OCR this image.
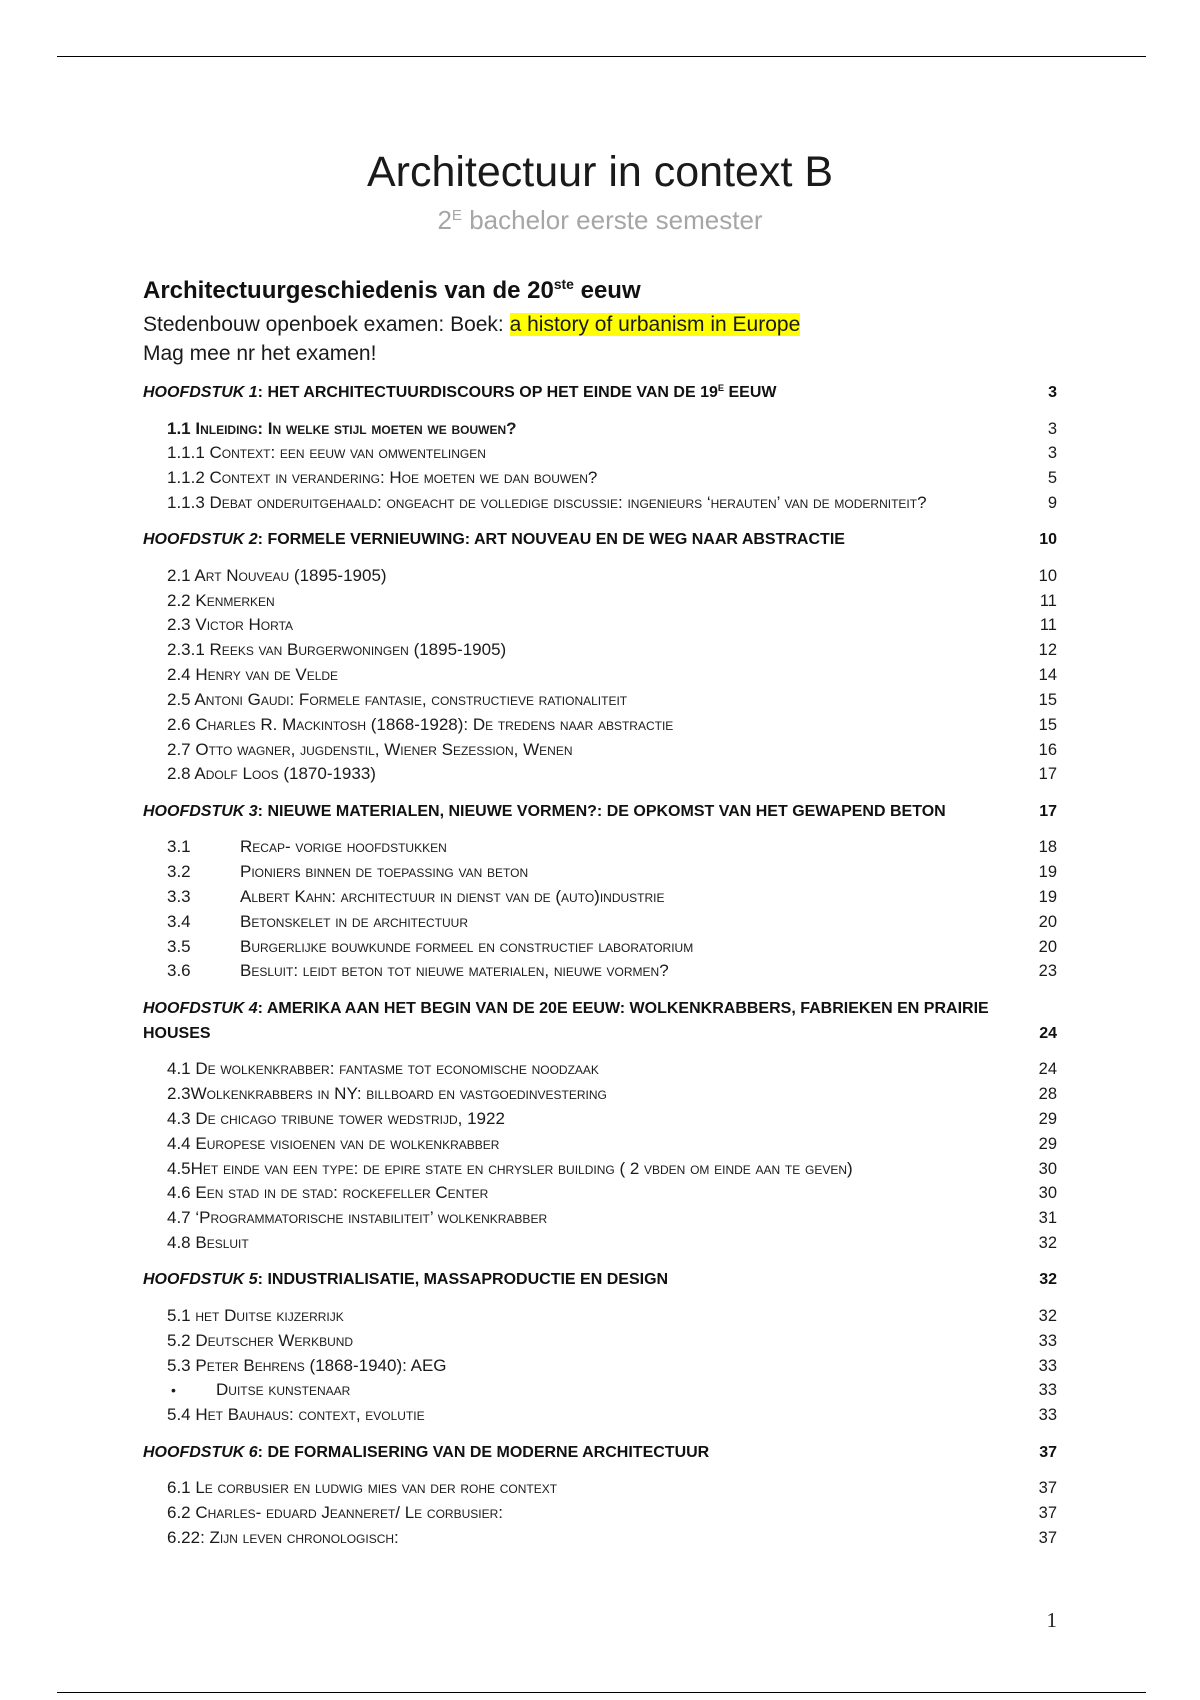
Architectuur in context B
$2^E$ bachelor eerste semester
Architectuurgeschiedenis van de 20ste eeuw
Stedenbouw openboek examen: Boek: a history of urbanism in Europe
Mag mee nr het examen!
HOOFDSTUK 1: HET ARCHITECTUURDISCOURS OP HET EINDE VAN DE $19^E$ EEUW	3
1.1 Inleiding: In welke stijl moeten we bouwen?	3
1.1.1 Context: een eeuw van omwentelingen	3
1.1.2 Context in verandering: Hoe moeten we dan bouwen?	5
1.1.3 Debat onderuitgehaald: ongeacht de volledige discussie: ingenieurs ‘herauten’ van de moderniteit?	9
HOOFDSTUK 2: FORMELE VERNIEUWING: ART NOUVEAU EN DE WEG NAAR ABSTRACTIE	10
2.1 Art Nouveau (1895-1905)	10
2.2 Kenmerken	11
2.3 Victor Horta	11
2.3.1 Reeks van Burgerwoningen (1895-1905)	12
2.4 Henry van de Velde	14
2.5 Antoni Gaudi: Formele fantasie, constructieve rationaliteit	15
2.6 Charles R. Mackintosh (1868-1928): De tredens naar abstractie	15
2.7 Otto wagner, jugdenstil, Wiener Sezession, Wenen	16
2.8 Adolf Loos (1870-1933)	17
HOOFDSTUK 3: NIEUWE MATERIALEN, NIEUWE VORMEN?: DE OPKOMST VAN HET GEWAPEND BETON	17
3.1	Recap- vorige hoofdstukken	18
3.2	Pioniers binnen de toepassing van beton	19
3.3	Albert Kahn: architectuur in dienst van de (auto)industrie	19
3.4	Betonskelet in de architectuur	20
3.5	Burgerlijke bouwkunde formeel en constructief laboratorium	20
3.6	Besluit: leidt beton tot nieuwe materialen, nieuwe vormen?	23
HOOFDSTUK 4: AMERIKA AAN HET BEGIN VAN DE 20E EEUW: WOLKENKRABBERS, FABRIEKEN EN PRAIRIE HOUSES	24
4.1 De wolkenkrabber: fantasme tot economische noodzaak	24
2.3Wolkenkrabbers in NY: billboard en vastgoedinvestering	28
4.3 De chicago tribune tower wedstrijd, 1922	29
4.4 Europese visioenen van de wolkenkrabber	29
4.5Het einde van een type: de epire state en chrysler building ( 2 vbden om einde aan te geven)	30
4.6 Een stad in de stad: rockefeller Center	30
4.7 ‘Programmatorische instabiliteit’ wolkenkrabber	31
4.8 Besluit	32
HOOFDSTUK 5: INDUSTRIALISATIE, MASSAPRODUCTIE EN DESIGN	32
5.1 het Duitse kijzerrijk	32
5.2 Deutscher Werkbund	33
5.3 Peter Behrens (1868-1940): AEG	33
• Duitse kunstenaar	33
5.4 Het Bauhaus: context, evolutie	33
HOOFDSTUK 6: DE FORMALISERING VAN DE MODERNE ARCHITECTUUR	37
6.1 Le corbusier en ludwig mies van der rohe context	37
6.2 Charles- eduard Jeanneret/ Le corbusier:	37
6.22: Zijn leven chronologisch:	37
1
